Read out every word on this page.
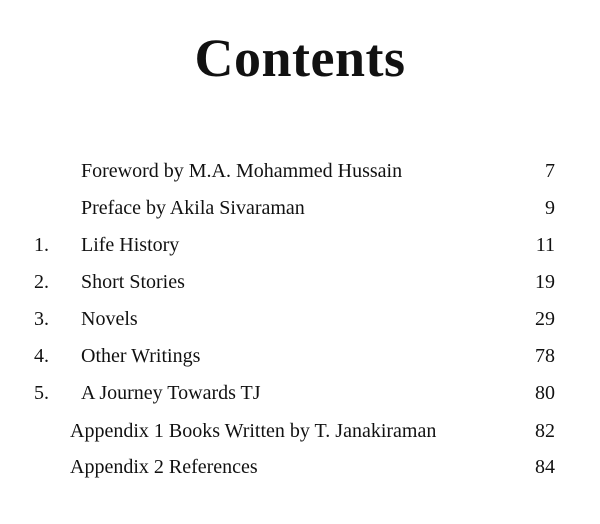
Contents
Foreword by M.A. Mohammed Hussain	7
Preface by Akila Sivaraman	9
1. Life History	11
2. Short Stories	19
3. Novels	29
4. Other Writings	78
5. A Journey Towards TJ	80
Appendix 1 Books Written by T. Janakiraman	82
Appendix 2 References	84
